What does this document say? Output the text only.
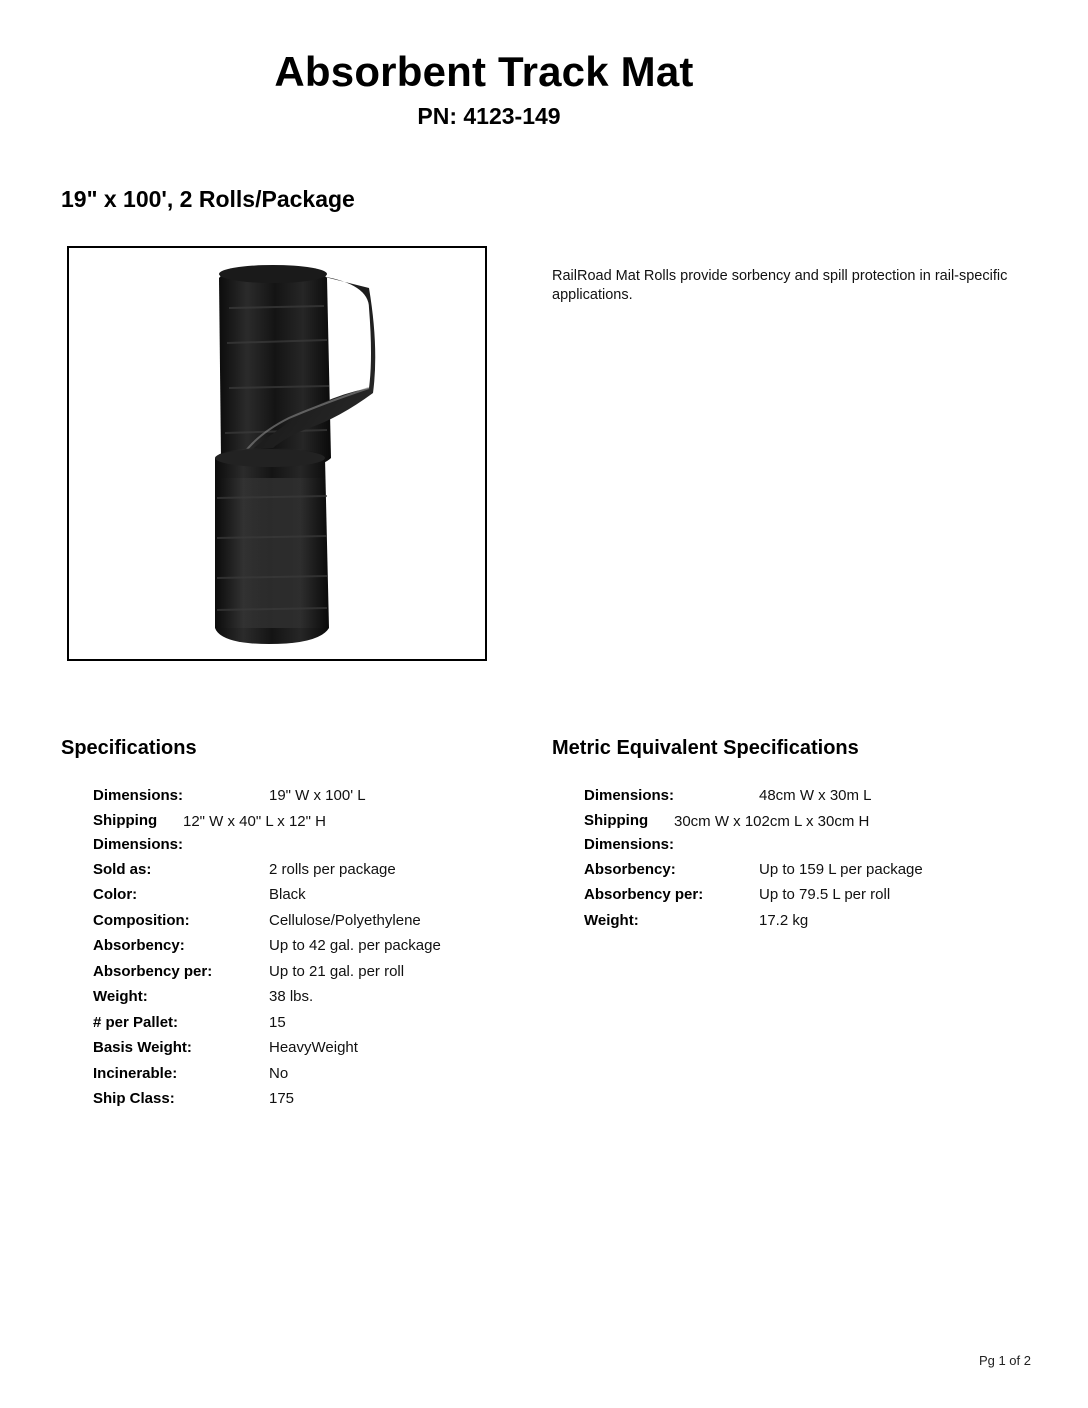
Absorbent Track Mat
PN: 4123-149
19" x 100', 2 Rolls/Package
RailRoad Mat Rolls provide sorbency and spill protection in rail-specific applications.
Specifications	Metric Equivalent Specifications
Dimensions:	19" W x 100' L
Shipping Dimensions:
12" W x 40" L x 12" H
Sold as:	2 rolls per package
Color:	Black
Composition:	Cellulose/Polyethylene
Absorbency:	Up to 42 gal. per package
Absorbency per:	Up to 21 gal. per roll
Weight:	38 lbs.
# per Pallet:	15
Basis Weight:	HeavyWeight
Incinerable:	No
Ship Class:	175
Dimensions:	48cm W x 30m L
Shipping Dimensions:
30cm W x 102cm L x 30cm H
Absorbency:	Up to 159 L per package
Absorbency per:	Up to 79.5 L per roll
Weight:	17.2 kg
Pg 1 of 2
